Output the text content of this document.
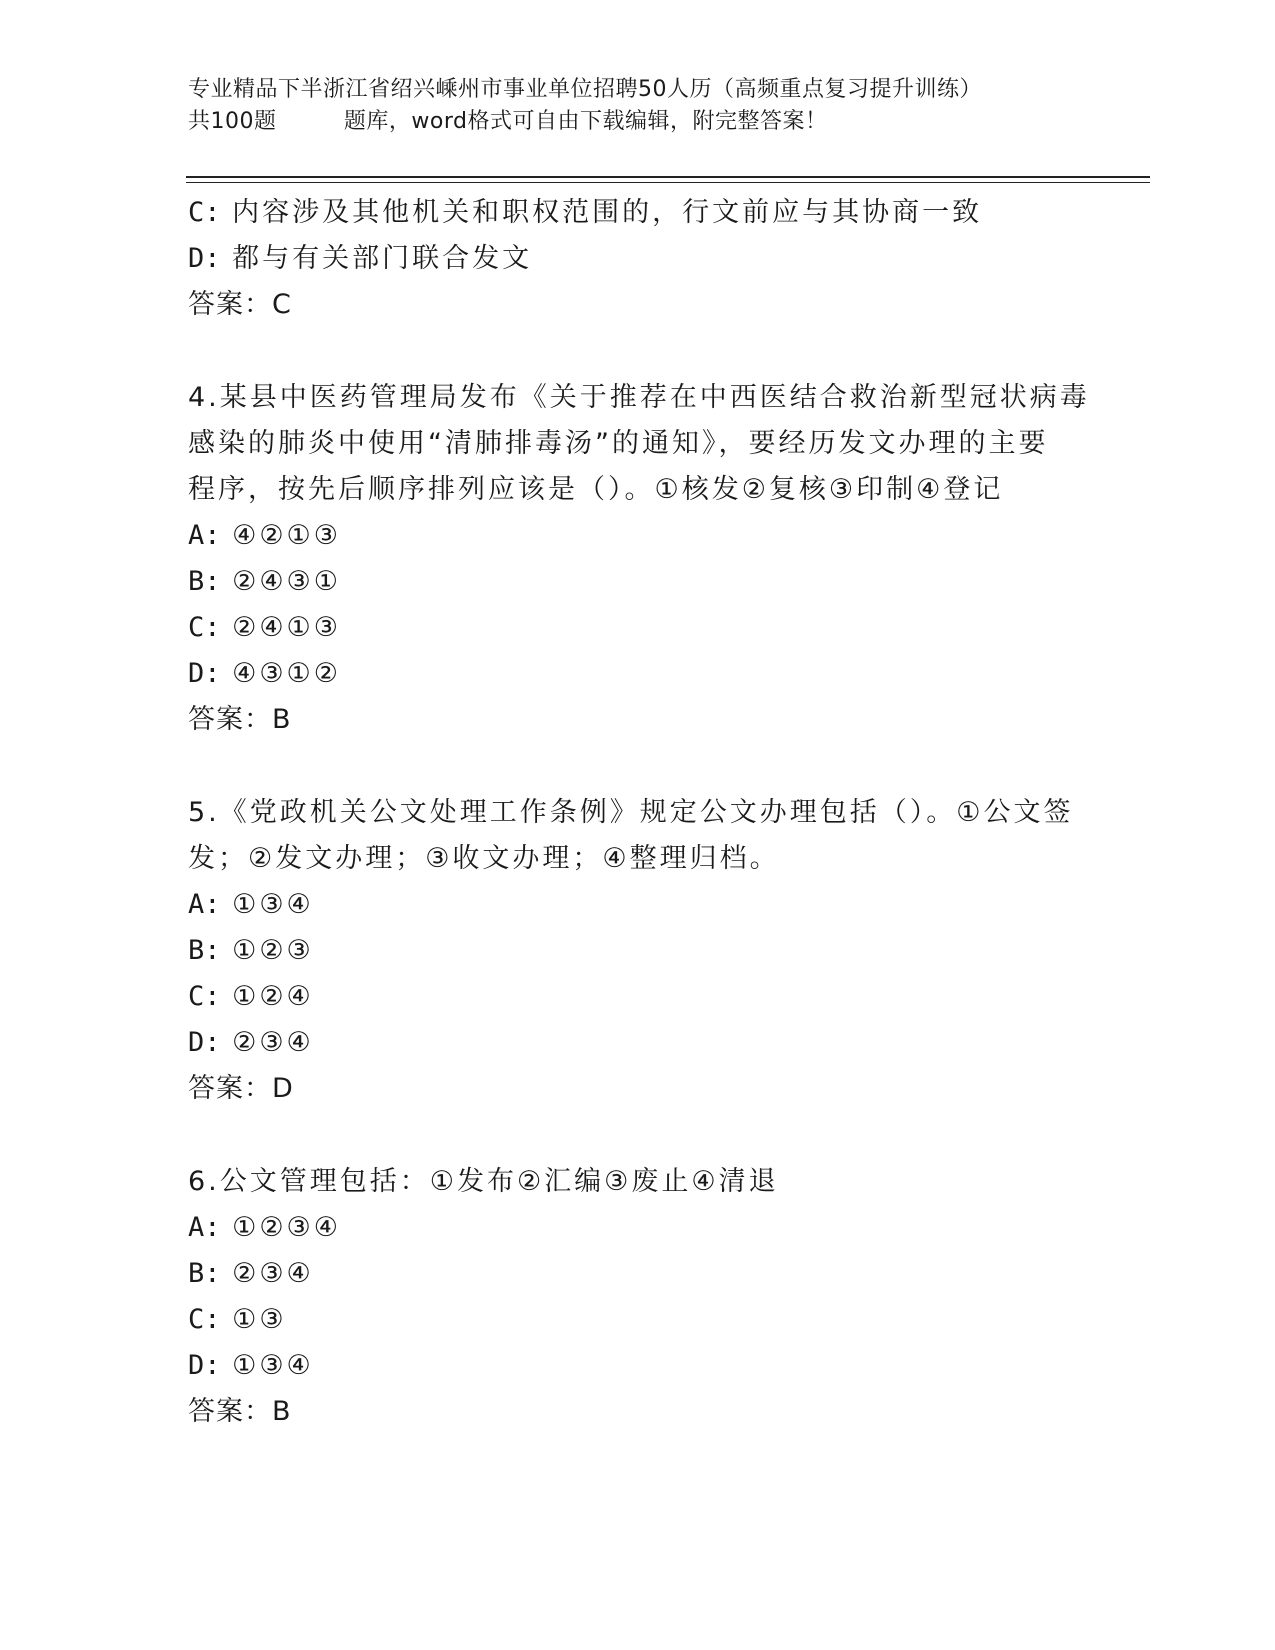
专业精品下半浙江省绍兴嵊州市事业单位招聘50人历（高频重点复习提升训练）
共100题         题库，word格式可自由下载编辑，附完整答案！
C: 内容涉及其他机关和职权范围的，行文前应与其协商一致
D: 都与有关部门联合发文
答案：C
4.某县中医药管理局发布《关于推荐在中西医结合救治新型冠状病毒
感染的肺炎中使用“清肺排毒汤”的通知》，要经历发文办理的主要
程序，按先后顺序排列应该是（）。①核发②复核③印制④登记
A: ④②①③
B: ②④③①
C: ②④①③
D: ④③①②
答案：B
5.《党政机关公文处理工作条例》规定公文办理包括（）。①公文签
发；②发文办理；③收文办理；④整理归档。
A: ①③④
B: ①②③
C: ①②④
D: ②③④
答案：D
6.公文管理包括：①发布②汇编③废止④清退
A: ①②③④
B: ②③④
C: ①③
D: ①③④
答案：B
